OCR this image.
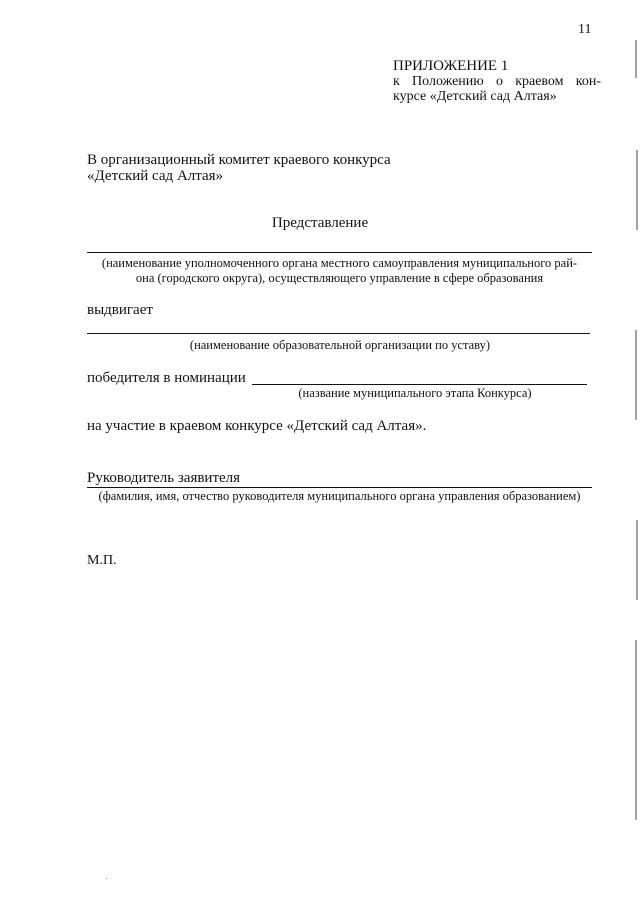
11
ПРИЛОЖЕНИЕ 1
к Положению о краевом кон-
курсе «Детский сад Алтая»
В организационный комитет краевого конкурса
«Детский сад Алтая»
Представление
(наименование уполномоченного органа местного самоуправления муниципального рай-
она (городского округа), осуществляющего управление в сфере образования
выдвигает
(наименование образовательной организации по уставу)
победителя в номинации
(название муниципального этапа Конкурса)
на участие в краевом конкурсе «Детский сад Алтая».
Руководитель заявителя
(фамилия, имя, отчество руководителя муниципального органа управления образованием)
М.П.
